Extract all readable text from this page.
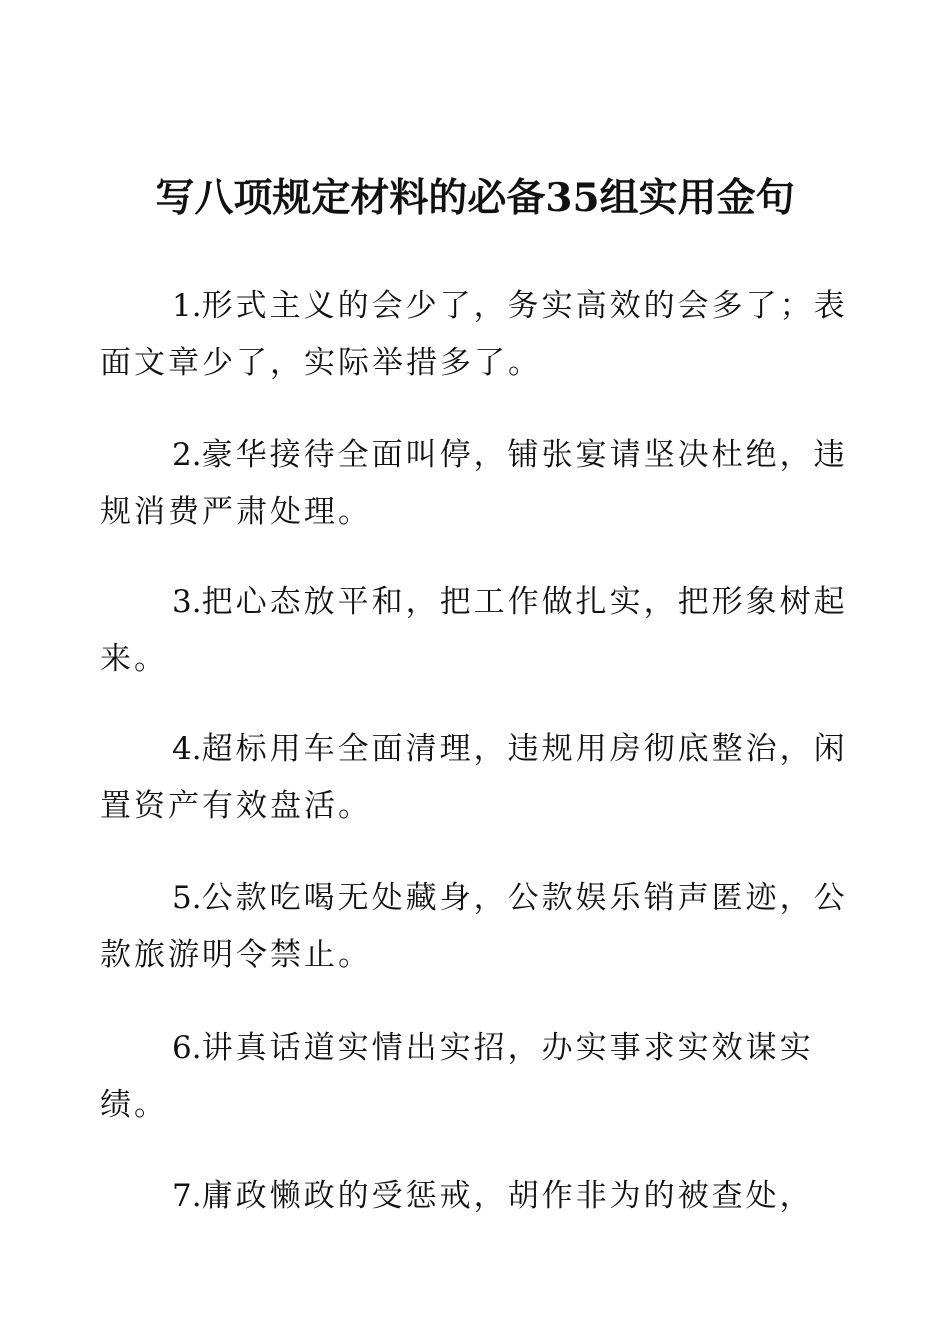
写八项规定材料的必备35组实用金句

1.形式主义的会少了，务实高效的会多了；表面文章少了，实际举措多了。

2.豪华接待全面叫停，铺张宴请坚决杜绝，违规消费严肃处理。

3.把心态放平和，把工作做扎实，把形象树起来。

4.超标用车全面清理，违规用房彻底整治，闲置资产有效盘活。

5.公款吃喝无处藏身，公款娱乐销声匿迹，公款旅游明令禁止。

6.讲真话道实情出实招，办实事求实效谋实绩。

7.庸政懒政的受惩戒，胡作非为的被查处，
